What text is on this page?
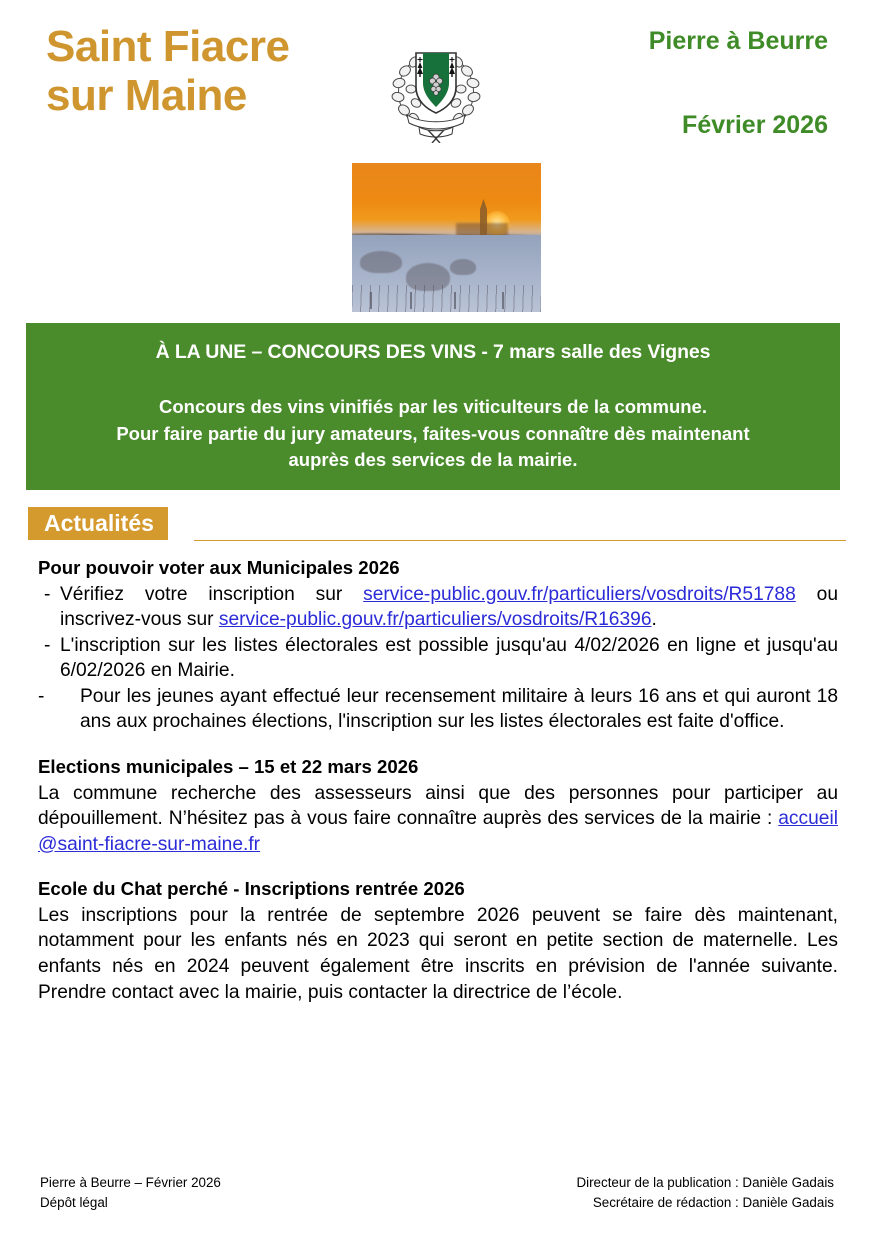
Saint Fiacre
sur Maine
Pierre à Beurre
Février 2026
À LA UNE – CONCOURS DES VINS - 7 mars salle des Vignes
Concours des vins vinifiés par les viticulteurs de la commune.
Pour faire partie du jury amateurs, faites-vous connaître dès maintenant
auprès des services de la mairie.
Actualités
Pour pouvoir voter aux Municipales 2026
- Vérifiez votre inscription sur service-public.gouv.fr/particuliers/vosdroits/R51788 ou inscrivez-vous sur service-public.gouv.fr/particuliers/vosdroits/R16396.
- L'inscription sur les listes électorales est possible jusqu'au 4/02/2026 en ligne et jusqu'au 6/02/2026 en Mairie.
- Pour les jeunes ayant effectué leur recensement militaire à leurs 16 ans et qui auront 18 ans aux prochaines élections, l'inscription sur les listes électorales est faite d'office.
Elections municipales – 15 et 22 mars 2026
La commune recherche des assesseurs ainsi que des personnes pour participer au dépouillement. N’hésitez pas à vous faire connaître auprès des services de la mairie : accueil@saint-fiacre-sur-maine.fr
Ecole du Chat perché - Inscriptions rentrée 2026
Les inscriptions pour la rentrée de septembre 2026 peuvent se faire dès maintenant, notamment pour les enfants nés en 2023 qui seront en petite section de maternelle. Les enfants nés en 2024 peuvent également être inscrits en prévision de l'année suivante. Prendre contact avec la mairie, puis contacter la directrice de l’école.
Pierre à Beurre – Février 2026
Dépôt légal
Directeur de la publication : Danièle Gadais
Secrétaire de rédaction : Danièle Gadais
